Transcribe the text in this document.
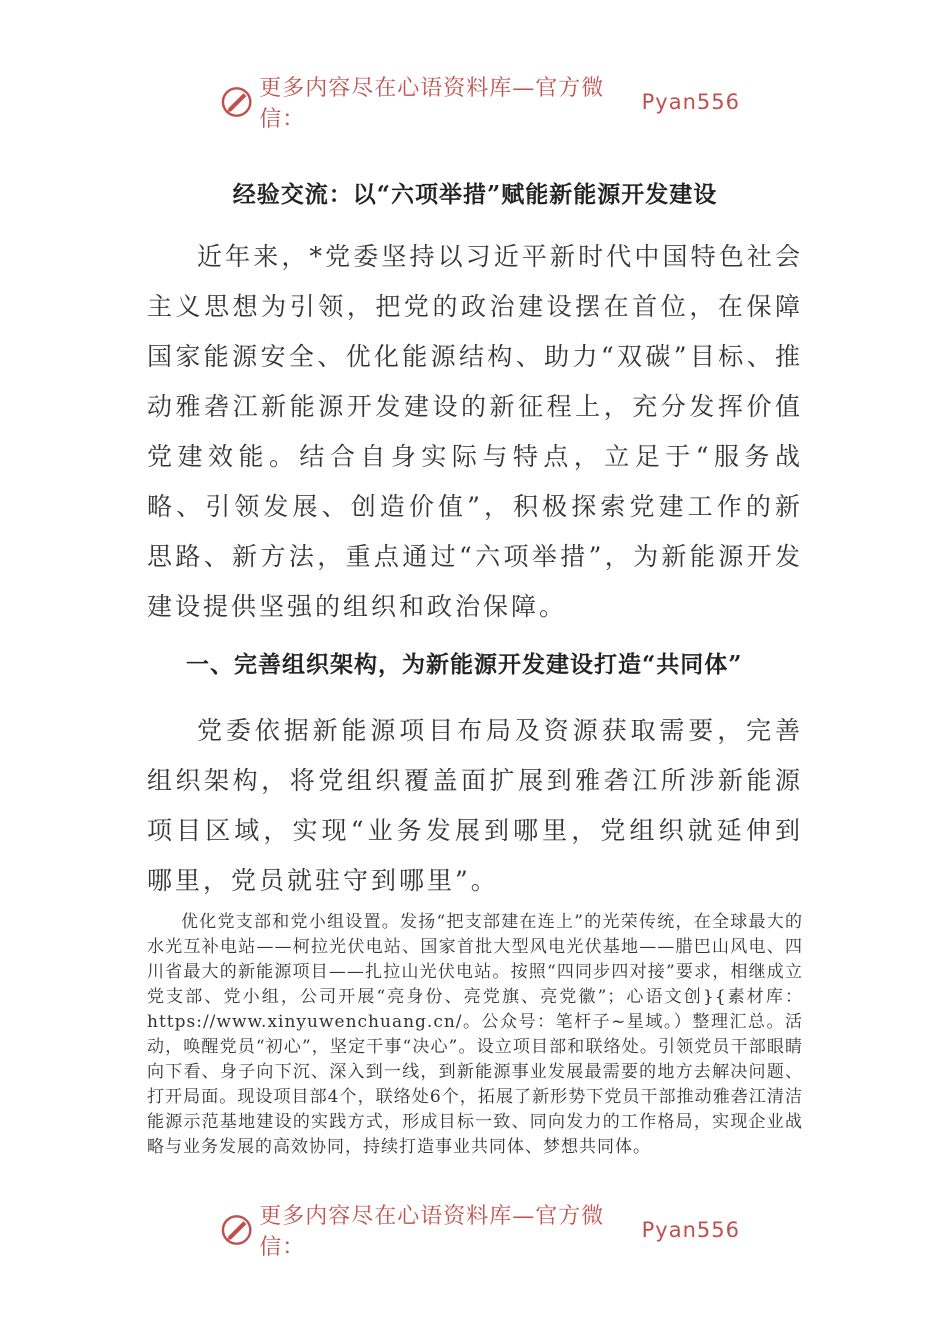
更多内容尽在心语资料库—官方微信：
Pyan556
经验交流：以“六项举措”赋能新能源开发建设

近年来，*党委坚持以习近平新时代中国特色社会主义思想为引领，把党的政治建设摆在首位，在保障国家能源安全、优化能源结构、助力“双碳”目标、推动雅砻江新能源开发建设的新征程上，充分发挥价值党建效能。结合自身实际与特点，立足于“服务战略、引领发展、创造价值”，积极探索党建工作的新思路、新方法，重点通过“六项举措”，为新能源开发建设提供坚强的组织和政治保障。

一、完善组织架构，为新能源开发建设打造“共同体”

党委依据新能源项目布局及资源获取需要，完善组织架构，将党组织覆盖面扩展到雅砻江所涉新能源项目区域，实现“业务发展到哪里，党组织就延伸到哪里，党员就驻守到哪里”。

优化党支部和党小组设置。发扬“把支部建在连上”的光荣传统，在全球最大的水光互补电站——柯拉光伏电站、国家首批大型风电光伏基地——腊巴山风电、四川省最大的新能源项目——扎拉山光伏电站。按照“四同步四对接”要求，相继成立党支部、党小组，公司开展“亮身份、亮党旗、亮党徽”；心语文创}{素材库：https://www.xinyuwenchuang.cn/。公众号：笔杆子~星域。）整理汇总。活动，唤醒党员“初心”，坚定干事“决心”。设立项目部和联络处。引领党员干部眼睛向下看、身子向下沉、深入到一线，到新能源事业发展最需要的地方去解决问题、打开局面。现设项目部4个，联络处6个，拓展了新形势下党员干部推动雅砻江清洁能源示范基地建设的实践方式，形成目标一致、同向发力的工作格局，实现企业战略与业务发展的高效协同，持续打造事业共同体、梦想共同体。

更多内容尽在心语资料库—官方微信：
Pyan556
